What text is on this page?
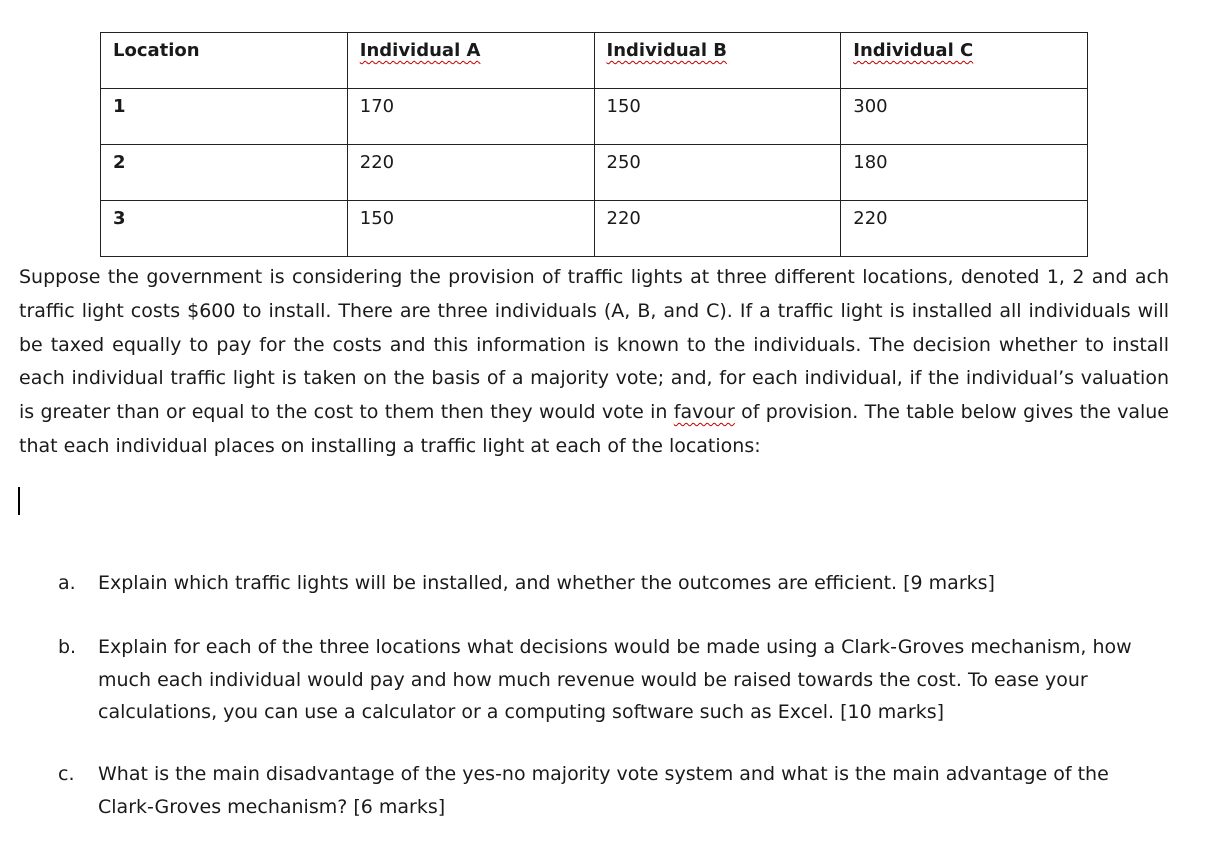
Location	Individual A	Individual B	Individual C
1	170	150	300
2	220	250	180
3	150	220	220

Suppose the government is considering the provision of traffic lights at three different locations, denoted 1, 2 and ach traffic light costs $600 to install. There are three individuals (A, B, and C). If a traffic light is installed all individuals will be taxed equally to pay for the costs and this information is known to the individuals. The decision whether to install each individual traffic light is taken on the basis of a majority vote; and, for each individual, if the individual’s valuation is greater than or equal to the cost to them then they would vote in favour of provision. The table below gives the value that each individual places on installing a traffic light at each of the locations:

a. Explain which traffic lights will be installed, and whether the outcomes are efficient. [9 marks]

b. Explain for each of the three locations what decisions would be made using a Clark-Groves mechanism, how much each individual would pay and how much revenue would be raised towards the cost. To ease your calculations, you can use a calculator or a computing software such as Excel. [10 marks]

c. What is the main disadvantage of the yes-no majority vote system and what is the main advantage of the Clark-Groves mechanism? [6 marks]
